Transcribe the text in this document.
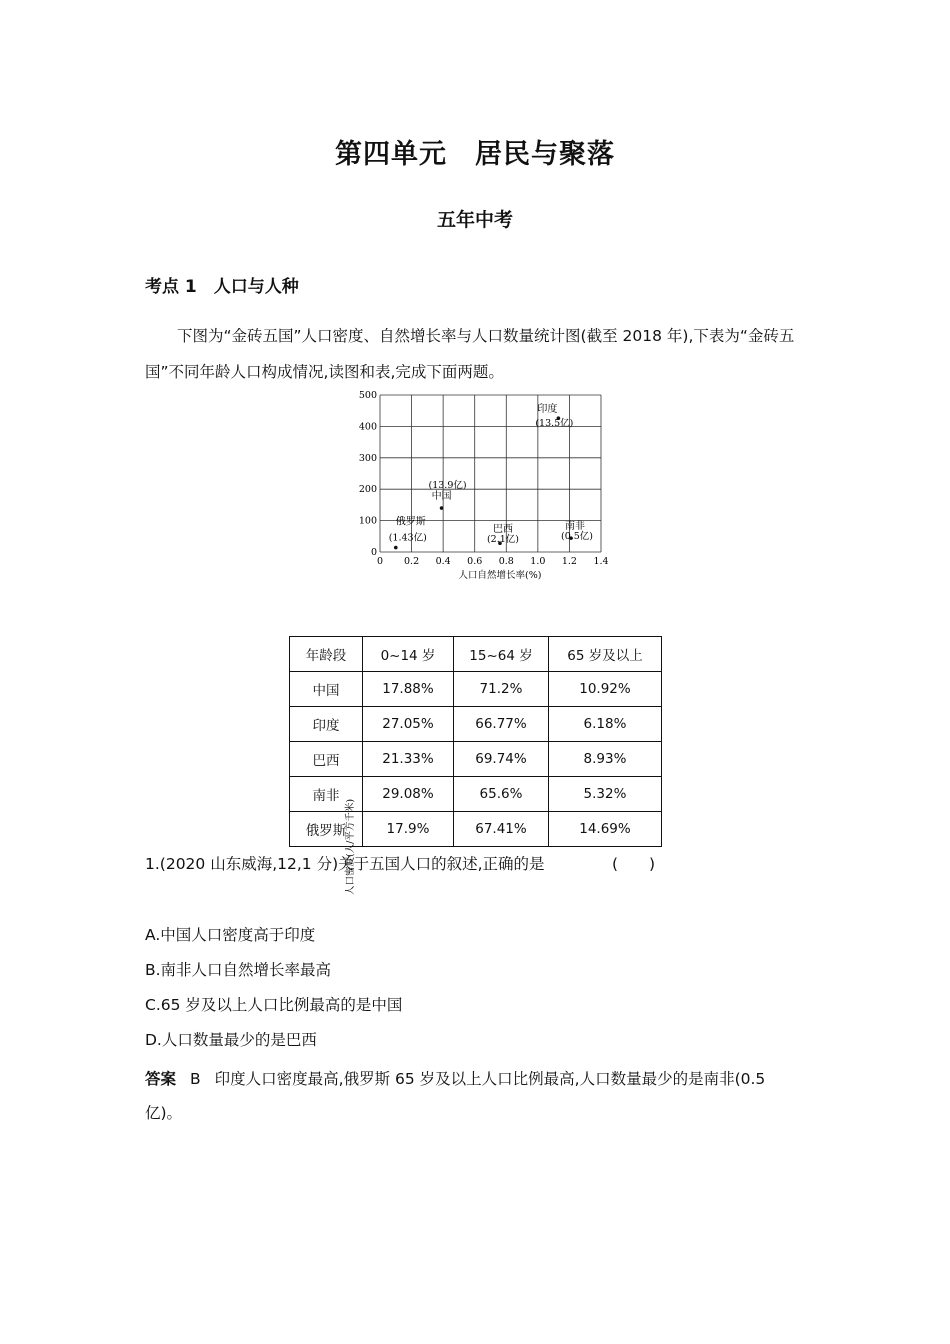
第四单元　居民与聚落
五年中考
考点 1　人口与人种
下图为“金砖五国”人口密度、自然增长率与人口数量统计图(截至 2018 年),下表为“金砖五国”不同年龄人口构成情况,读图和表,完成下面两题。
人口密度(人/平方千米)
人口自然增长率(%)
0 0.2 0.4 0.6 0.8 1.0 1.2 1.4
0
100
200
300
400
500
中国
(13.9亿)
印度
(13.5亿)
巴西
(2.1亿)
南非
(0.5亿)
俄罗斯
(1.43亿)
年龄段	0~14 岁	15~64 岁	65 岁及以上
中国	17.88%	71.2%	10.92%
印度	27.05%	66.77%	6.18%
巴西	21.33%	69.74%	8.93%
南非	29.08%	65.6%	5.32%
俄罗斯	17.9%	67.41%	14.69%
1.(2020 山东威海,12,1 分)关于五国人口的叙述,正确的是	(　　)
A.中国人口密度高于印度
B.南非人口自然增长率最高
C.65 岁及以上人口比例最高的是中国
D.人口数量最少的是巴西
答案 B 印度人口密度最高,俄罗斯 65 岁及以上人口比例最高,人口数量最少的是南非(0.5 亿)。
